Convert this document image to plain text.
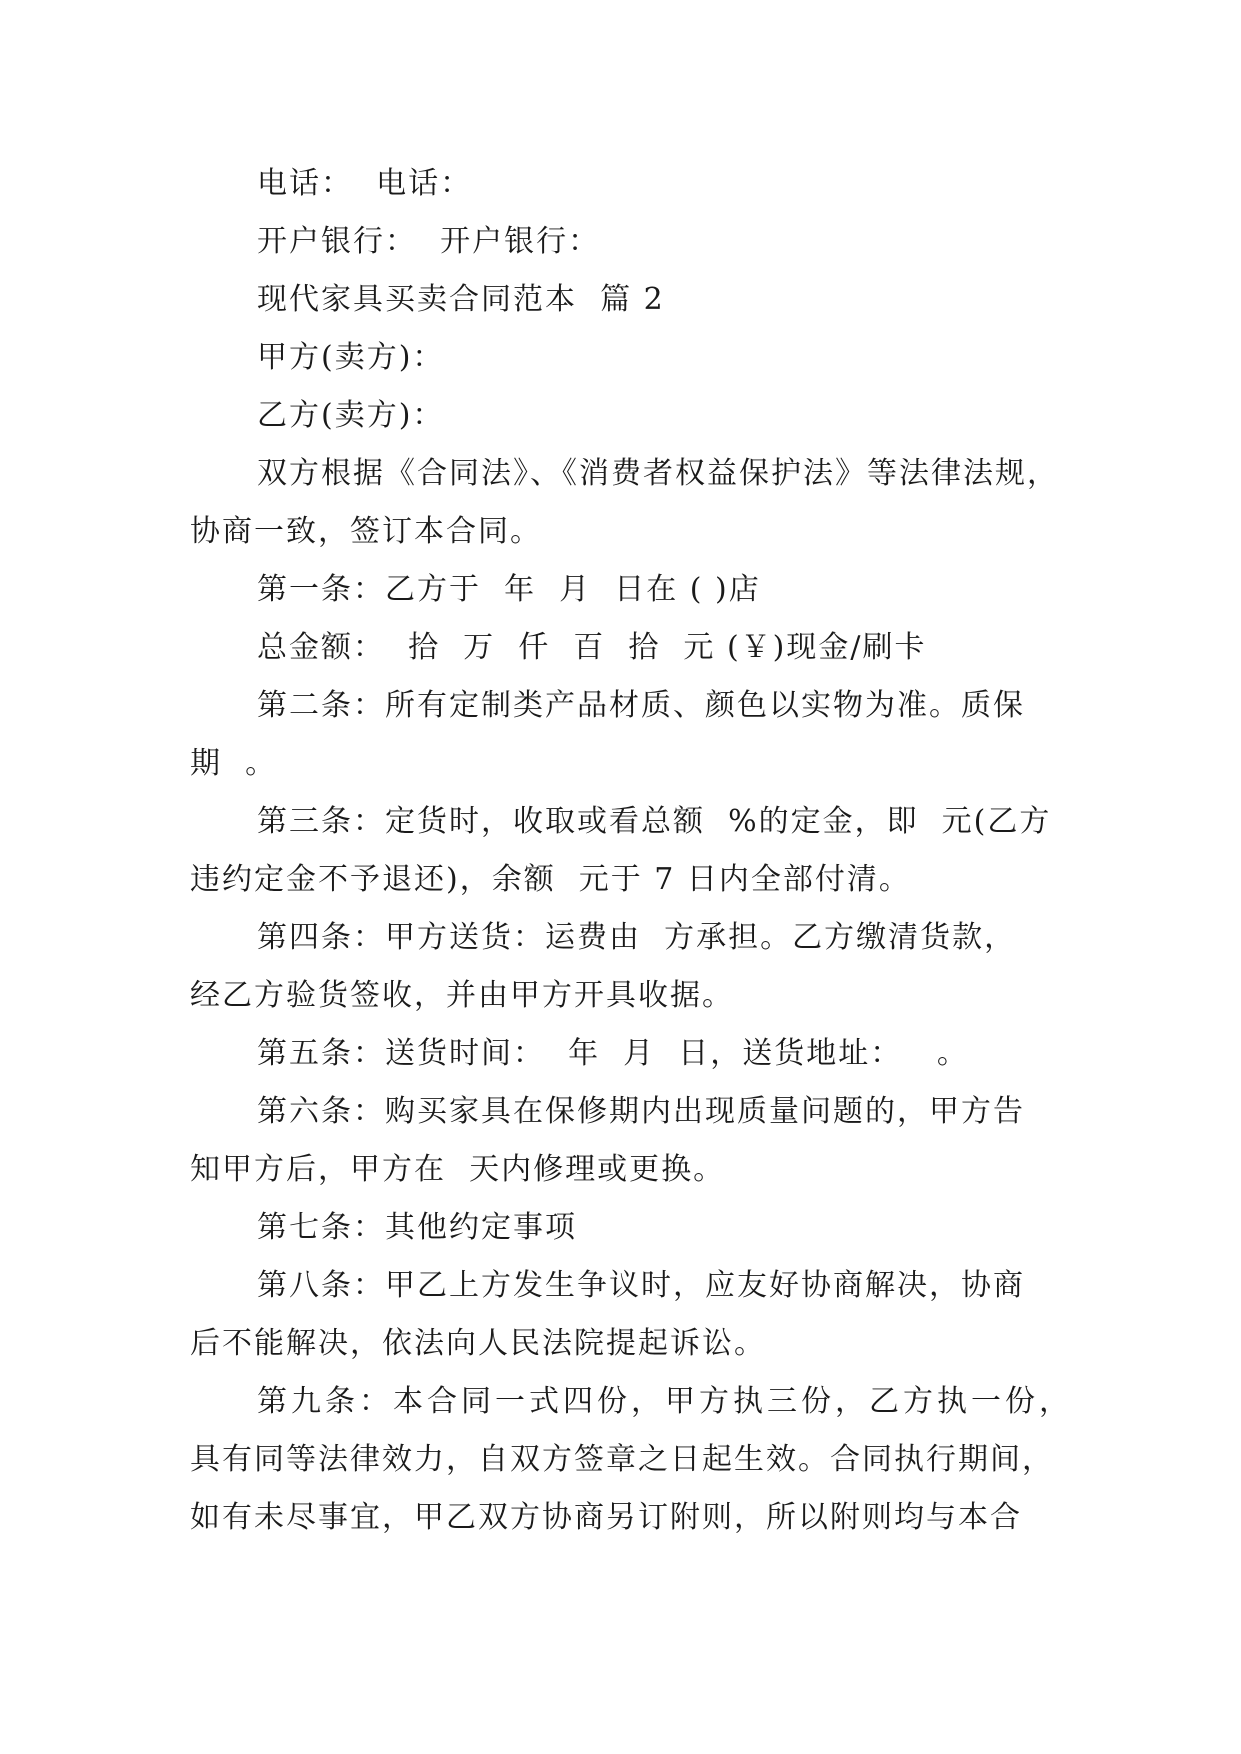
电话：  电话：
开户银行：  开户银行：
现代家具买卖合同范本  篇 2
甲方(卖方)：
乙方(卖方)：
双方根据《合同法》、《消费者权益保护法》等法律法规，
协商一致，签订本合同。
第一条：乙方于  年  月  日在 ( )店
总金额：  拾  万  仟  百  拾  元 (￥)现金/刷卡
第二条：所有定制类产品材质、颜色以实物为准。质保
期  。
第三条：定货时，收取或看总额  %的定金，即  元(乙方
违约定金不予退还)，余额  元于 7 日内全部付清。
第四条：甲方送货：运费由  方承担。乙方缴清货款，
经乙方验货签收，并由甲方开具收据。
第五条：送货时间：  年  月  日，送货地址：   。
第六条：购买家具在保修期内出现质量问题的，甲方告
知甲方后，甲方在  天内修理或更换。
第七条：其他约定事项
第八条：甲乙上方发生争议时，应友好协商解决，协商
后不能解决，依法向人民法院提起诉讼。
第九条：本合同一式四份，甲方执三份，乙方执一份，
具有同等法律效力，自双方签章之日起生效。合同执行期间，
如有未尽事宜，甲乙双方协商另订附则，所以附则均与本合
